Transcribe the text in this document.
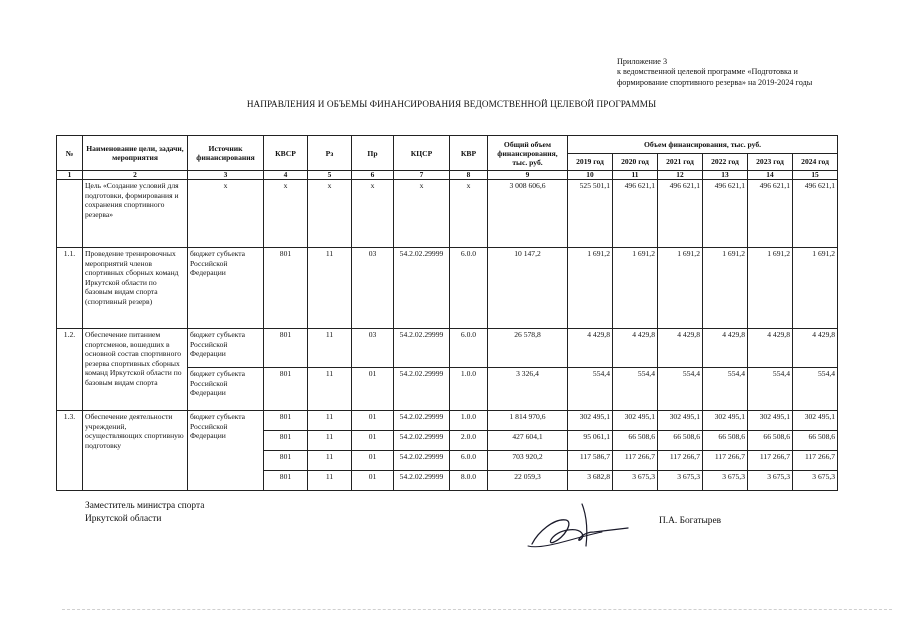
Приложение 3
к ведомственной целевой программе «Подготовка и
формирование спортивного резерва» на 2019-2024 годы
НАПРАВЛЕНИЯ И ОБЪЕМЫ ФИНАНСИРОВАНИЯ ВЕДОМСТВЕННОЙ ЦЕЛЕВОЙ ПРОГРАММЫ
№	Наименование цели, задачи, мероприятия	Источник финансирования	КВСР	Рз	Пр	КЦСР	КВР	Общий объем финансирования, тыс. руб.	Объем финансирования, тыс. руб.					
									2019 год	2020 год	2021 год	2022 год	2023 год	2024 год
1	2	3	4	5	6	7	8	9	10	11	12	13	14	15
	Цель «Создание условий для подготовки, формирования и сохранения спортивного резерва»	х	х	х	х	х	х	3 008 606,6	525 501,1	496 621,1	496 621,1	496 621,1	496 621,1	496 621,1
1.1.	Проведение тренировочных мероприятий членов спортивных сборных команд Иркутской области по базовым видам спорта (спортивный резерв)	бюджет субъекта Российской Федерации	801	11	03	54.2.02.29999	6.0.0	10 147,2	1 691,2	1 691,2	1 691,2	1 691,2	1 691,2	1 691,2
1.2.	Обеспечение питанием спортсменов, вошедших в основной состав спортивного резерва спортивных сборных команд Иркутской области по базовым видам спорта	бюджет субъекта Российской Федерации	801	11	03	54.2.02.29999	6.0.0	26 578,8	4 429,8	4 429,8	4 429,8	4 429,8	4 429,8	4 429,8
		бюджет субъекта Российской Федерации	801	11	01	54.2.02.29999	1.0.0	3 326,4	554,4	554,4	554,4	554,4	554,4	554,4
1.3.	Обеспечение деятельности учреждений, осуществляющих спортивную подготовку	бюджет субъекта Российской Федерации	801	11	01	54.2.02.29999	1.0.0	1 814 970,6	302 495,1	302 495,1	302 495,1	302 495,1	302 495,1	302 495,1
			801	11	01	54.2.02.29999	2.0.0	427 604,1	95 061,1	66 508,6	66 508,6	66 508,6	66 508,6	66 508,6
			801	11	01	54.2.02.29999	6.0.0	703 920,2	117 586,7	117 266,7	117 266,7	117 266,7	117 266,7	117 266,7
			801	11	01	54.2.02.29999	8.0.0	22 059,3	3 682,8	3 675,3	3 675,3	3 675,3	3 675,3	3 675,3
Заместитель министра спорта
Иркутской области	П.А. Богатырев
